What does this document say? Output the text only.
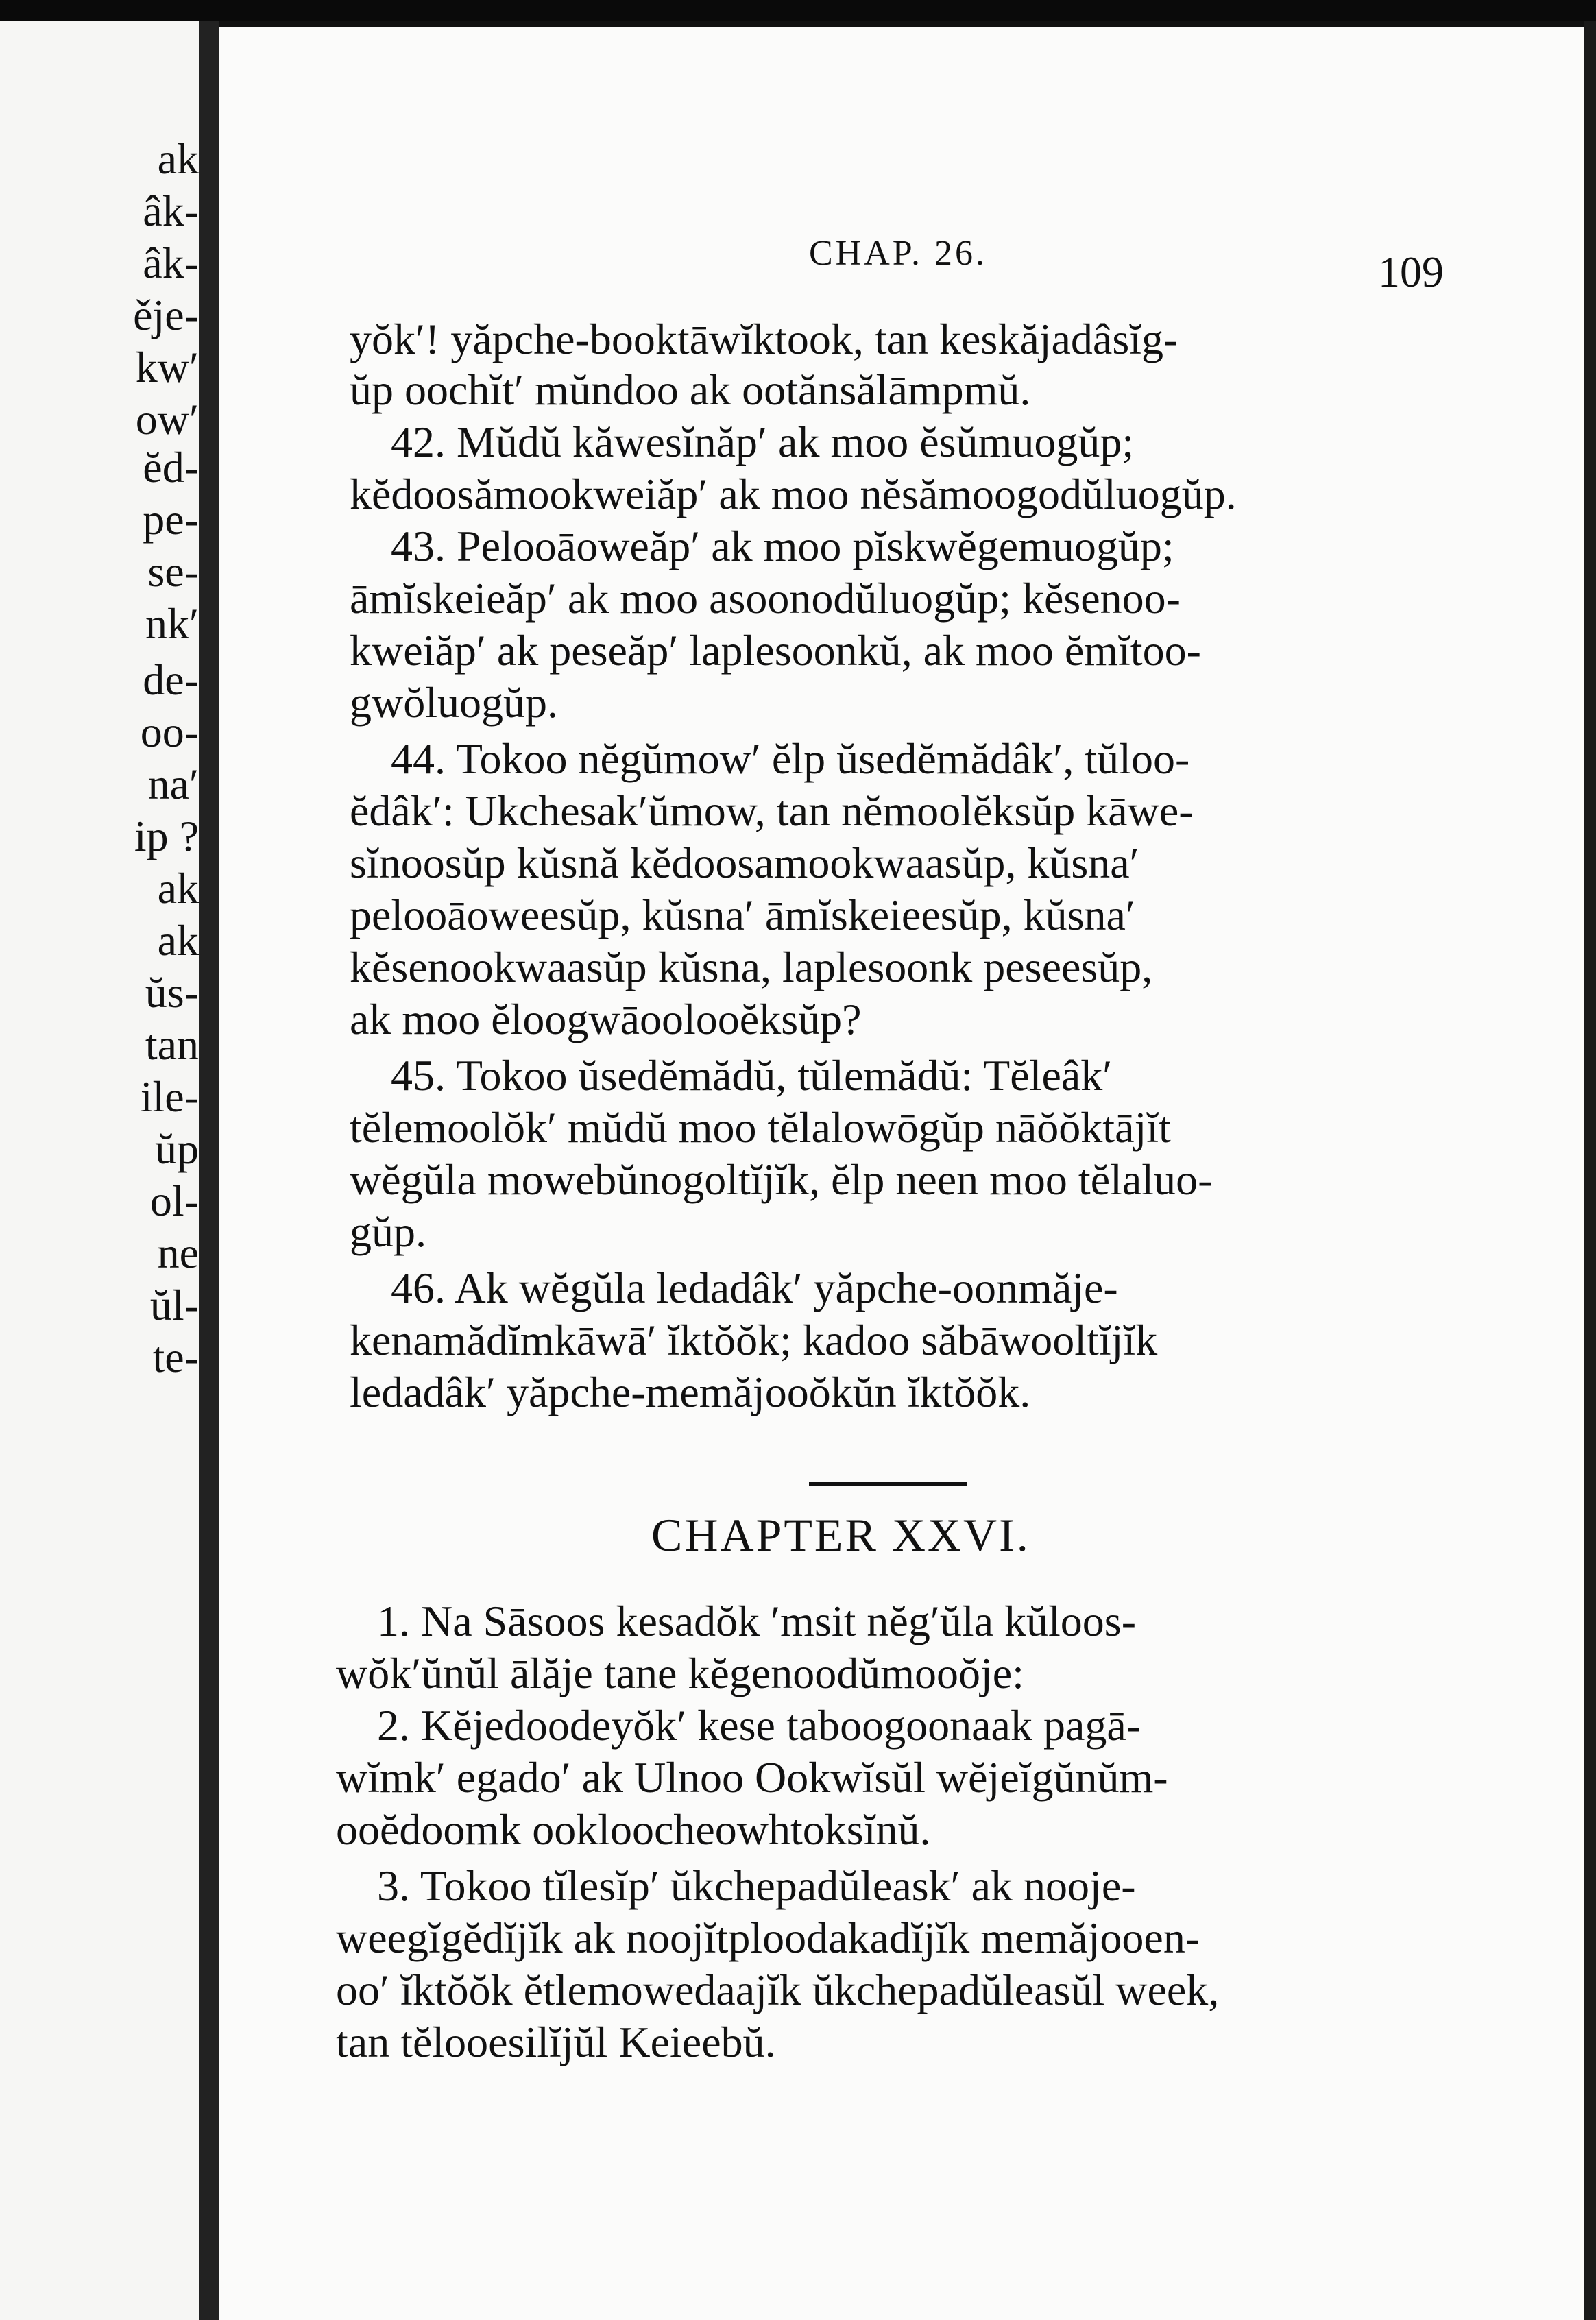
ak
âk-
âk-
ěje-
kw′
ow′
ĕd-
pe-
se-
nk′
de-
oo-
na′
ip ?
ak
ak
ŭs-
tan
ile-
ŭp
ol-
ne
ŭl-
te-
CHAP. 26.	109
yŏk′! yăpche-booktāwĭktook, tan keskăjadâsĭg-
ŭp oochĭt′ mŭndoo ak ootănsălāmpmŭ.
42. Mŭdŭ kăwesĭnăp′ ak moo ĕsŭmuogŭp;
kĕdoosămookweiăp′ ak moo nĕsămoogodŭluogŭp.
43. Pelooāoweăp′ ak moo pĭskwĕgemuogŭp;
āmĭskeieăp′ ak moo asoonodŭluogŭp; kĕsenoo-
kweiăp′ ak peseăp′ laplesoonkŭ, ak moo ĕmĭtoo-
gwŏluogŭp.
44. Tokoo nĕgŭmow′ ĕlp ŭsedĕmădâk′, tŭloo-
ĕdâk′: Ukchesak′ŭmow, tan nĕmoolĕksŭp kāwe-
sĭnoosŭp kŭsnă kĕdoosamookwaasŭp, kŭsna′
pelooāoweesŭp, kŭsna′ āmĭskeieesŭp, kŭsna′
kĕsenookwaasŭp kŭsna, laplesoonk peseesŭp,
ak moo ĕloogwāoolooĕksŭp?
45. Tokoo ŭsedĕmădŭ, tŭlemădŭ: Tĕleâk′
tĕlemoolŏk′ mŭdŭ moo tĕlalowōgŭp nāŏŏktājĭt
wĕgŭla mowebŭnogoltĭjĭk, ĕlp neen moo tĕlaluo-
gŭp.
46. Ak wĕgŭla ledadâk′ yăpche-oonmăje-
kenamădĭmkāwā′ ĭktŏŏk; kadoo săbāwooltĭjĭk
ledadâk′ yăpche-memăjooŏkŭn ĭktŏŏk.
CHAPTER XXVI.
1. Na Sāsoos kesadŏk ′msit nĕg′ŭla kŭloos-
wŏk′ŭnŭl ālăje tane kĕgenoodŭmooŏje:
2. Kĕjedoodeyŏk′ kese taboogoonaak pagā-
wĭmk′ egado′ ak Ulnoo Ookwĭsŭl wĕjeĭgŭnŭm-
ooĕdoomk ookloocheowhtoksĭnŭ.
3. Tokoo tĭlesĭp′ ŭkchepadŭleask′ ak nooje-
weegĭgĕdĭjĭk ak noojĭtploodakadĭjĭk memăjooen-
oo′ ĭktŏŏk ĕtlemowedaajĭk ŭkchepadŭleasŭl week,
tan tĕlooesilĭjŭl Keieebŭ.
